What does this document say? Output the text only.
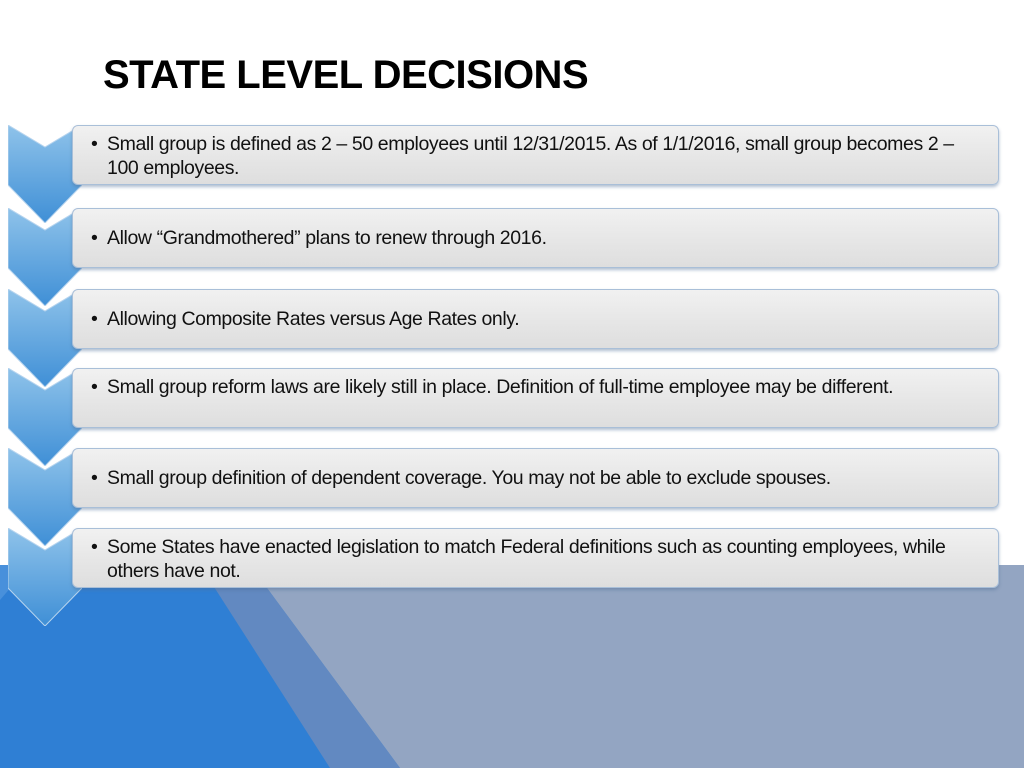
STATE LEVEL DECISIONS

• Small group is defined as 2 – 50 employees until 12/31/2015. As of 1/1/2016, small group becomes 2 – 100 employees.

• Allow “Grandmothered” plans to renew through 2016.

• Allowing Composite Rates versus Age Rates only.

• Small group reform laws are likely still in place. Definition of full-time employee may be different.

• Small group definition of dependent coverage. You may not be able to exclude spouses.

• Some States have enacted legislation to match Federal definitions such as counting employees, while others have not.
